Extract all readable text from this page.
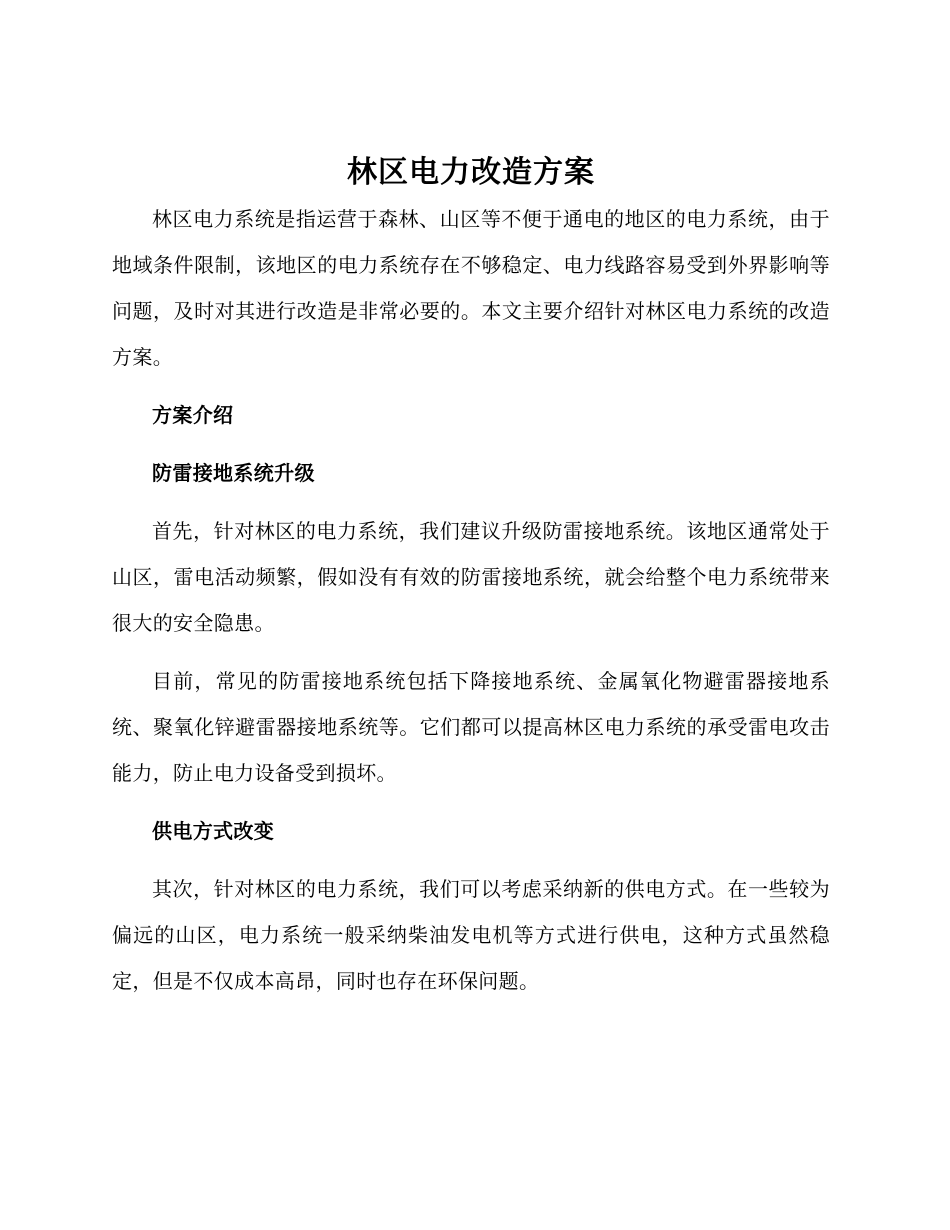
林区电力改造方案

林区电力系统是指运营于森林、山区等不便于通电的地区的电力系统，由于地域条件限制，该地区的电力系统存在不够稳定、电力线路容易受到外界影响等问题，及时对其进行改造是非常必要的。本文主要介绍针对林区电力系统的改造方案。

方案介绍

防雷接地系统升级

首先，针对林区的电力系统，我们建议升级防雷接地系统。该地区通常处于山区，雷电活动频繁，假如没有有效的防雷接地系统，就会给整个电力系统带来很大的安全隐患。

目前，常见的防雷接地系统包括下降接地系统、金属氧化物避雷器接地系统、聚氧化锌避雷器接地系统等。它们都可以提高林区电力系统的承受雷电攻击能力，防止电力设备受到损坏。

供电方式改变

其次，针对林区的电力系统，我们可以考虑采纳新的供电方式。在一些较为偏远的山区，电力系统一般采纳柴油发电机等方式进行供电，这种方式虽然稳定，但是不仅成本高昂，同时也存在环保问题。
